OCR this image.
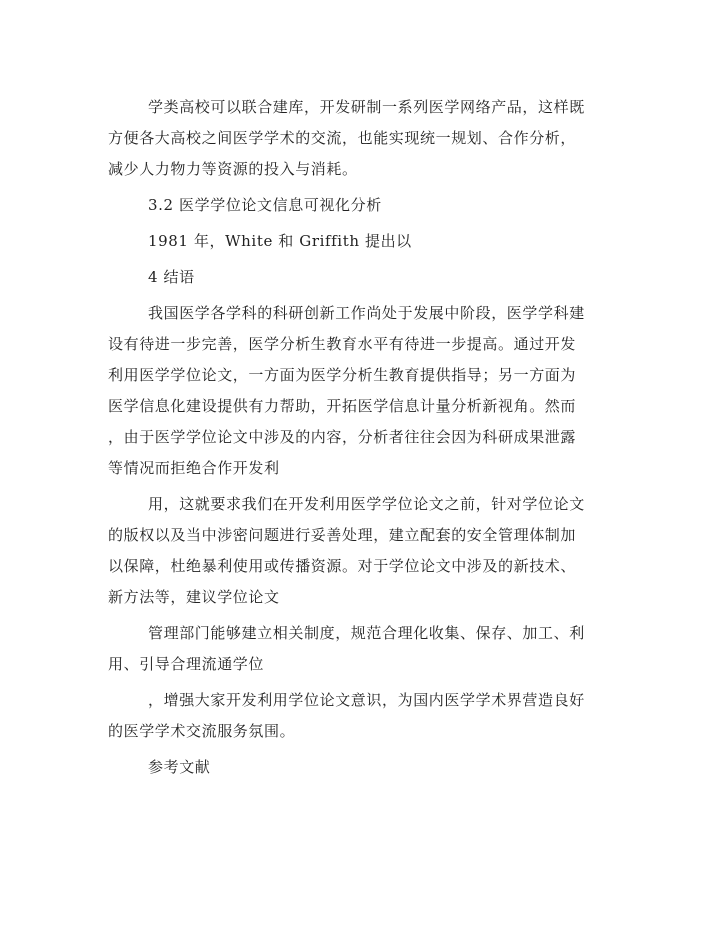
学类高校可以联合建库，开发研制一系列医学网络产品，这样既
方便各大高校之间医学学术的交流，也能实现统一规划、合作分析，
减少人力物力等资源的投入与消耗。
3.2 医学学位论文信息可视化分析
1981 年，White 和 Griffith 提出以
4 结语
我国医学各学科的科研创新工作尚处于发展中阶段，医学学科建
设有待进一步完善，医学分析生教育水平有待进一步提高。通过开发
利用医学学位论文，一方面为医学分析生教育提供指导；另一方面为
医学信息化建设提供有力帮助，开拓医学信息计量分析新视角。然而
，由于医学学位论文中涉及的内容，分析者往往会因为科研成果泄露
等情况而拒绝合作开发利
用，这就要求我们在开发利用医学学位论文之前，针对学位论文
的版权以及当中涉密问题进行妥善处理，建立配套的安全管理体制加
以保障，杜绝暴利使用或传播资源。对于学位论文中涉及的新技术、
新方法等，建议学位论文
管理部门能够建立相关制度，规范合理化收集、保存、加工、利
用、引导合理流通学位
，增强大家开发利用学位论文意识，为国内医学学术界营造良好
的医学学术交流服务氛围。
参考文献
